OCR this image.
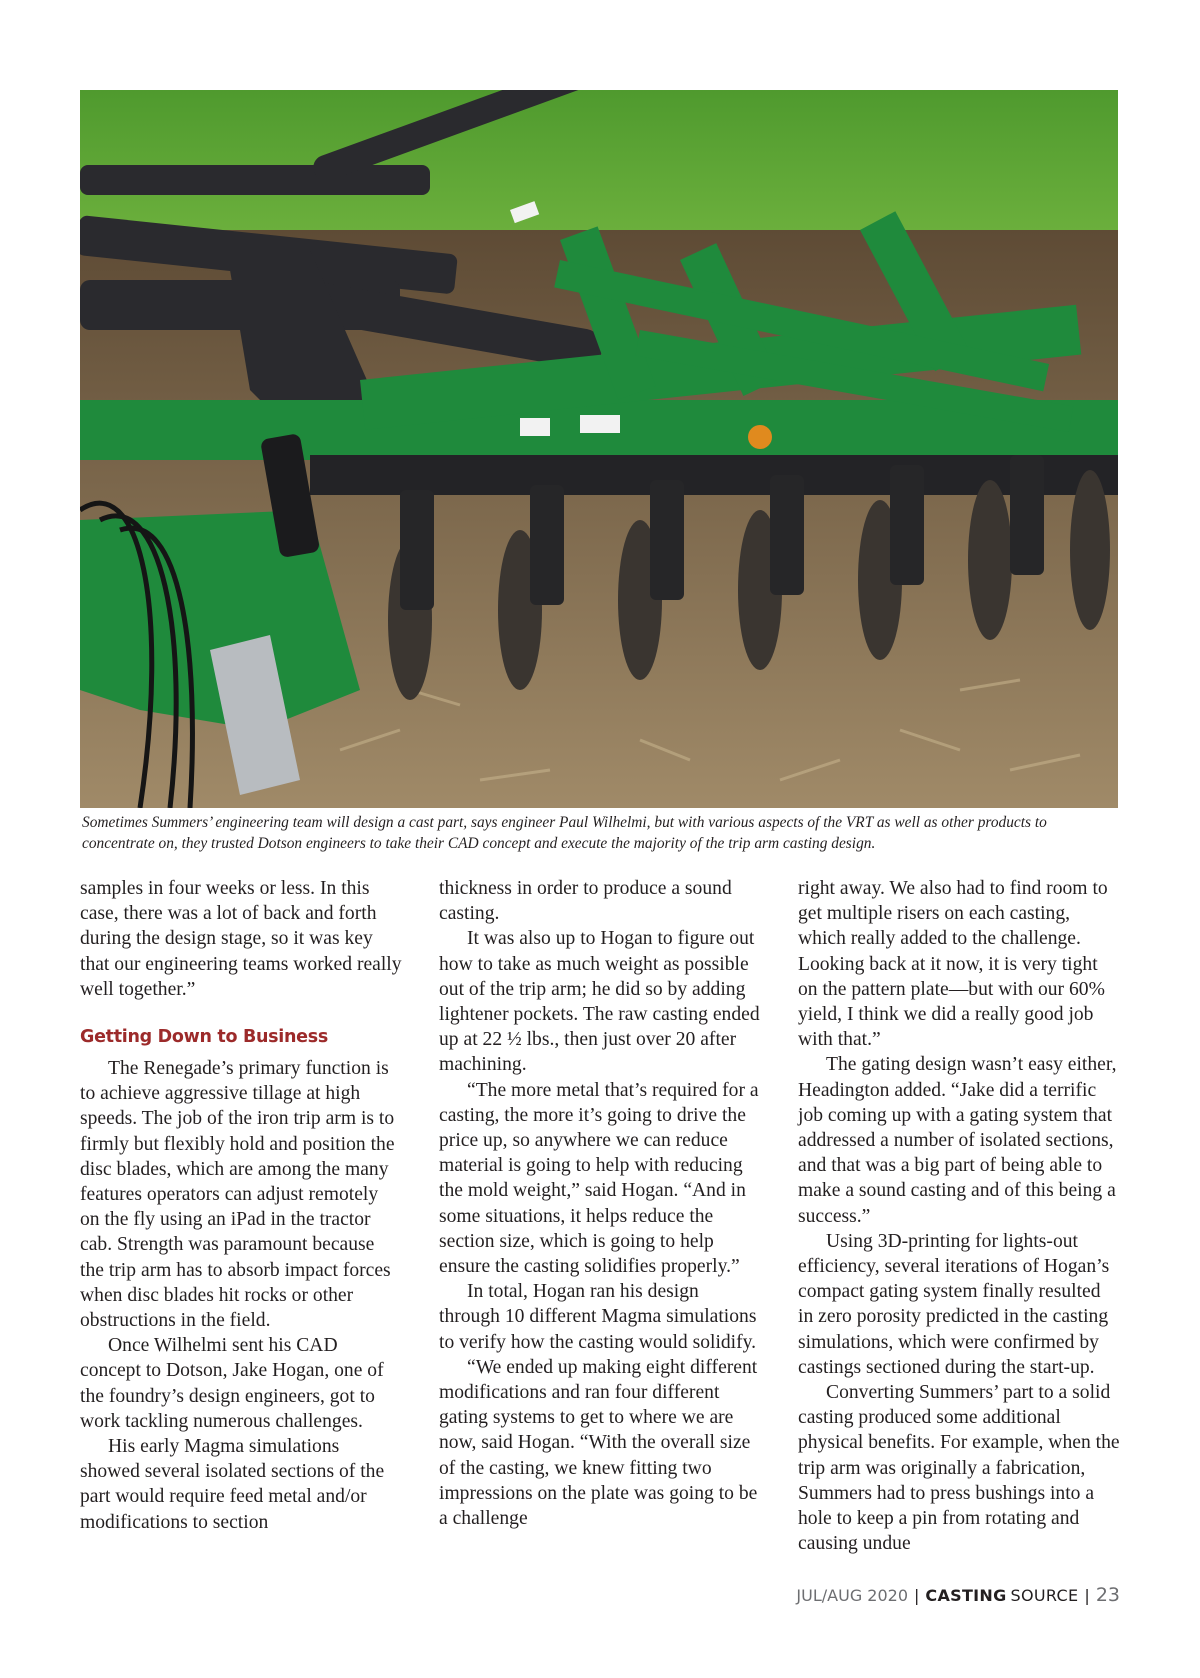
Sometimes Summers’ engineering team will design a cast part, says engineer Paul Wilhelmi, but with various aspects of the VRT as well as other products to concentrate on, they trusted Dotson engineers to take their CAD concept and execute the majority of the trip arm casting design.

samples in four weeks or less. In this case, there was a lot of back and forth during the design stage, so it was key that our engineering teams worked really well together.”

Getting Down to Business

The Renegade’s primary function is to achieve aggressive tillage at high speeds. The job of the iron trip arm is to firmly but flexibly hold and position the disc blades, which are among the many features operators can adjust remotely on the fly using an iPad in the tractor cab. Strength was paramount because the trip arm has to absorb impact forces when disc blades hit rocks or other obstructions in the field.

Once Wilhelmi sent his CAD concept to Dotson, Jake Hogan, one of the foundry’s design engineers, got to work tackling numerous challenges.

His early Magma simulations showed several isolated sections of the part would require feed metal and/or modifications to section

thickness in order to produce a sound casting.

It was also up to Hogan to figure out how to take as much weight as possible out of the trip arm; he did so by adding lightener pockets. The raw casting ended up at 22 ½ lbs., then just over 20 after machining.

“The more metal that’s required for a casting, the more it’s going to drive the price up, so anywhere we can reduce material is going to help with reducing the mold weight,” said Hogan. “And in some situations, it helps reduce the section size, which is going to help ensure the casting solidifies properly.”

In total, Hogan ran his design through 10 different Magma simulations to verify how the casting would solidify.

“We ended up making eight different modifications and ran four different gating systems to get to where we are now, said Hogan. “With the overall size of the casting, we knew fitting two impressions on the plate was going to be a challenge

right away. We also had to find room to get multiple risers on each casting, which really added to the challenge. Looking back at it now, it is very tight on the pattern plate—but with our 60% yield, I think we did a really good job with that.”

The gating design wasn’t easy either, Headington added. “Jake did a terrific job coming up with a gating system that addressed a number of isolated sections, and that was a big part of being able to make a sound casting and of this being a success.”

Using 3D-printing for lights-out efficiency, several iterations of Hogan’s compact gating system finally resulted in zero porosity predicted in the casting simulations, which were confirmed by castings sectioned during the start-up.

Converting Summers’ part to a solid casting produced some additional physical benefits. For example, when the trip arm was originally a fabrication, Summers had to press bushings into a hole to keep a pin from rotating and causing undue

JUL/AUG 2020 | CASTING SOURCE | 23
